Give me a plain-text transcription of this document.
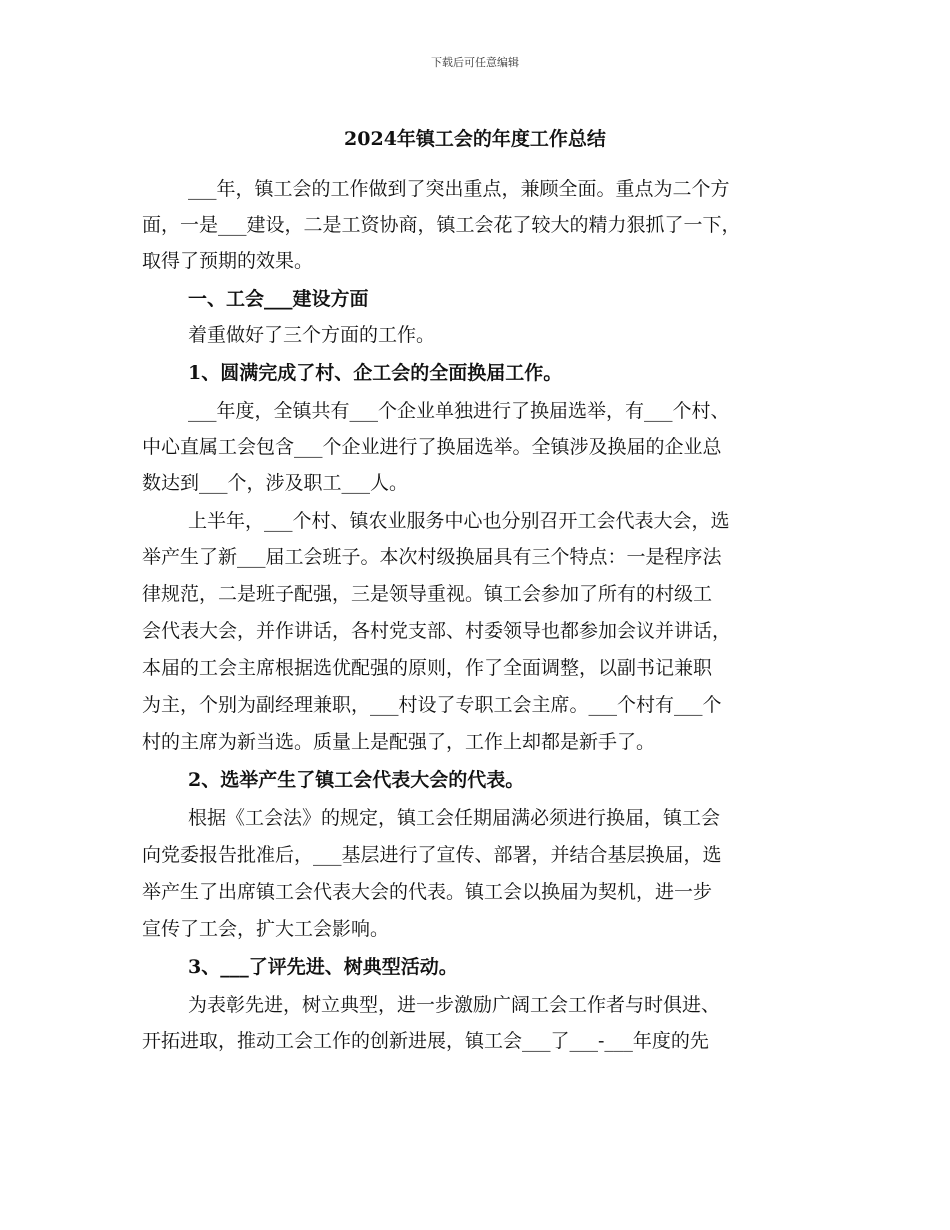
下载后可任意编辑
2024年镇工会的年度工作总结
___年，镇工会的工作做到了突出重点，兼顾全面。重点为二个方
面，一是___建设，二是工资协商，镇工会花了较大的精力狠抓了一下，
取得了预期的效果。
一、工会___建设方面
着重做好了三个方面的工作。
1、圆满完成了村、企工会的全面换届工作。
___年度，全镇共有___个企业单独进行了换届选举，有___个村、
中心直属工会包含___个企业进行了换届选举。全镇涉及换届的企业总
数达到___个，涉及职工___人。
上半年，___个村、镇农业服务中心也分别召开工会代表大会，选
举产生了新___届工会班子。本次村级换届具有三个特点：一是程序法
律规范，二是班子配强，三是领导重视。镇工会参加了所有的村级工
会代表大会，并作讲话，各村党支部、村委领导也都参加会议并讲话，
本届的工会主席根据选优配强的原则，作了全面调整，以副书记兼职
为主，个别为副经理兼职，___村设了专职工会主席。___个村有___个
村的主席为新当选。质量上是配强了，工作上却都是新手了。
2、选举产生了镇工会代表大会的代表。
根据《工会法》的规定，镇工会任期届满必须进行换届，镇工会
向党委报告批准后，___基层进行了宣传、部署，并结合基层换届，选
举产生了出席镇工会代表大会的代表。镇工会以换届为契机，进一步
宣传了工会，扩大工会影响。
3、___了评先进、树典型活动。
为表彰先进，树立典型，进一步激励广阔工会工作者与时俱进、
开拓进取，推动工会工作的创新进展，镇工会___了___-___年度的先
